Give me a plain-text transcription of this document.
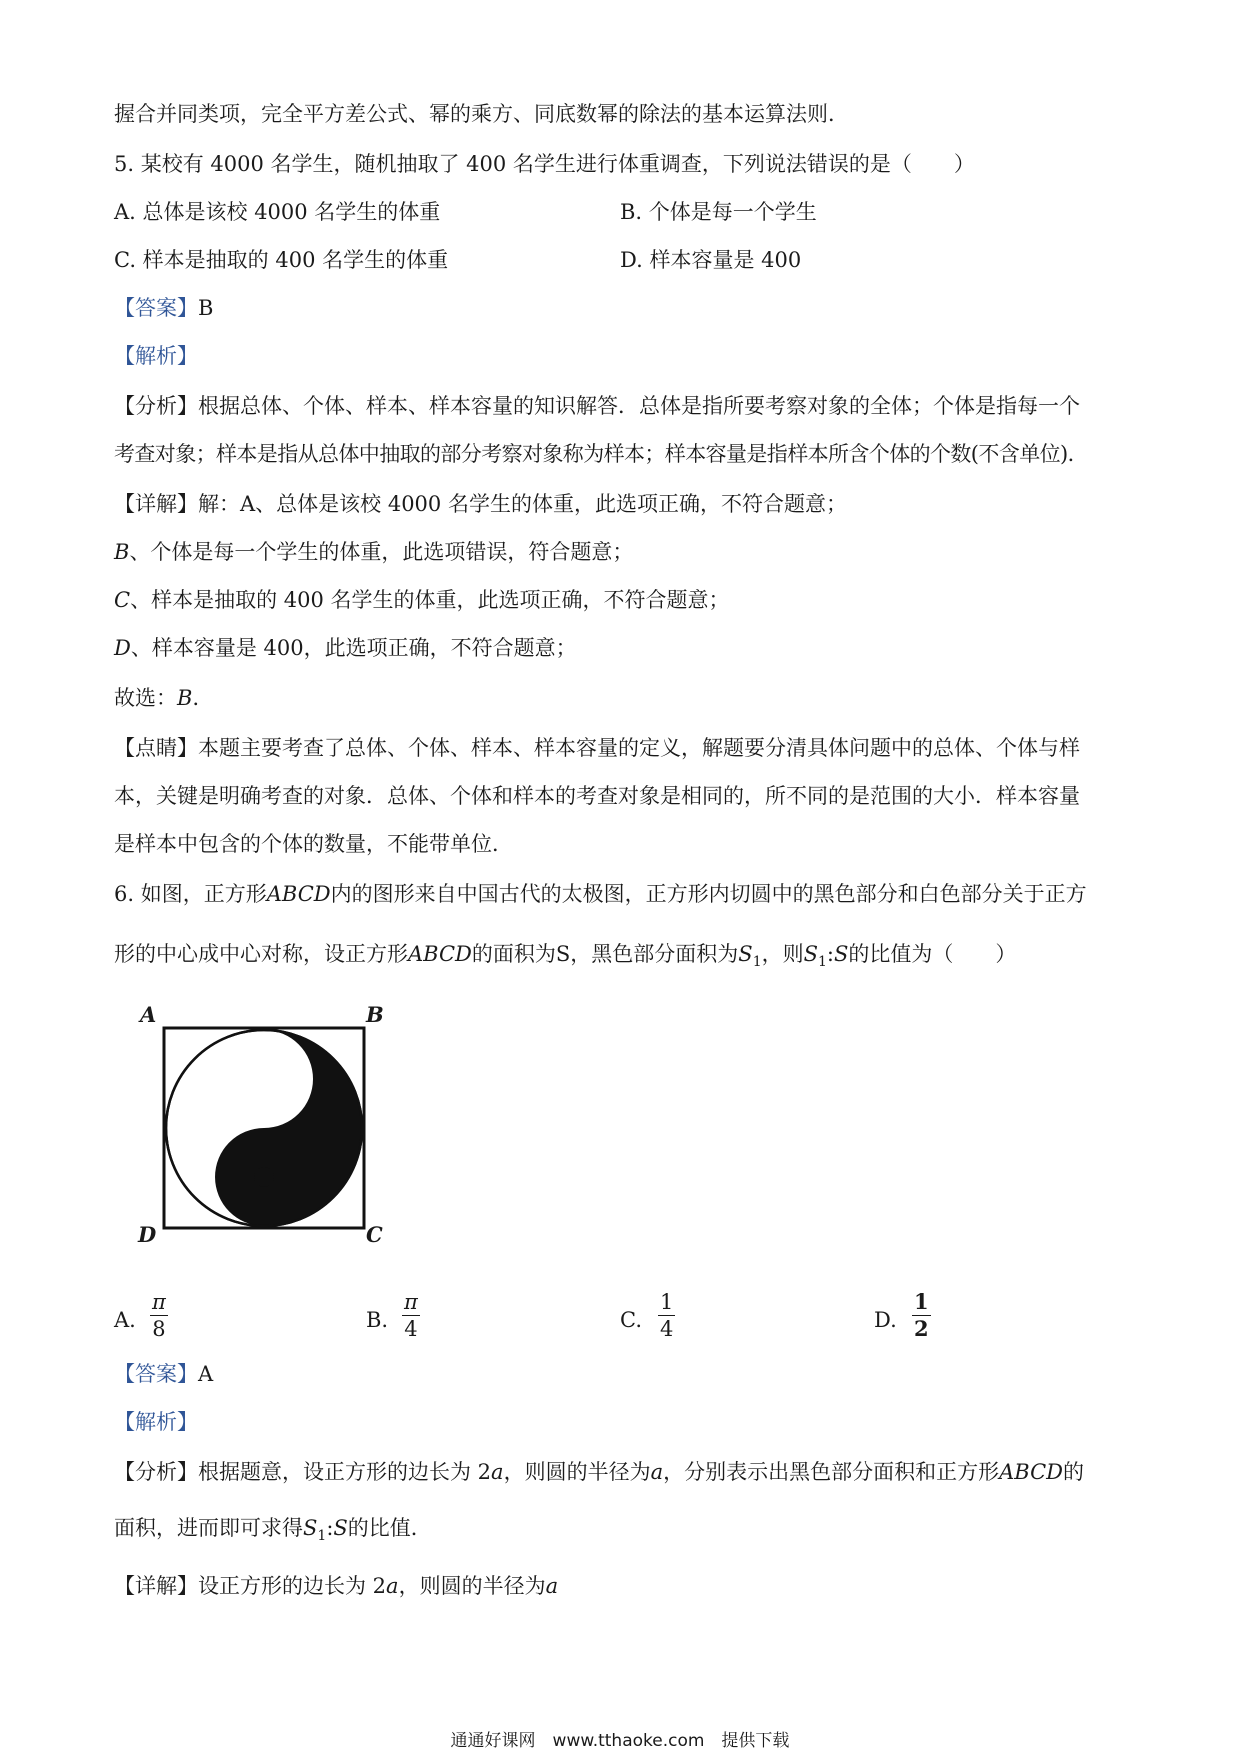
握合并同类项，完全平方差公式、幂的乘方、同底数幂的除法的基本运算法则．
5. 某校有 4000 名学生，随机抽取了 400 名学生进行体重调查，下列说法错误的是（　　）
A. 总体是该校 4000 名学生的体重	B. 个体是每一个学生
C. 样本是抽取的 400 名学生的体重	D. 样本容量是 400
【答案】B
【解析】
【分析】根据总体、个体、样本、样本容量的知识解答．总体是指所要考察对象的全体；个体是指每一个
考查对象；样本是指从总体中抽取的部分考察对象称为样本；样本容量是指样本所含个体的个数(不含单位)．
【详解】解：A、总体是该校 4000 名学生的体重，此选项正确，不符合题意；
B、个体是每一个学生的体重，此选项错误，符合题意；
C、样本是抽取的 400 名学生的体重，此选项正确，不符合题意；
D、样本容量是 400，此选项正确，不符合题意；
故选：B．
【点睛】本题主要考查了总体、个体、样本、样本容量的定义，解题要分清具体问题中的总体、个体与样
本，关键是明确考查的对象．总体、个体和样本的考查对象是相同的，所不同的是范围的大小．样本容量
是样本中包含的个体的数量，不能带单位．
6. 如图，正方形ABCD内的图形来自中国古代的太极图，正方形内切圆中的黑色部分和白色部分关于正方
形的中心成中心对称，设正方形ABCD的面积为S，黑色部分面积为$S_1$，则$S_1:S$的比值为（　　）
A	B
D	C
A. $\frac{\pi}{8}$	B. $\frac{\pi}{4}$	C. $\frac{1}{4}$	D. $\frac{1}{2}$
【答案】A
【解析】
【分析】根据题意，设正方形的边长为 2a，则圆的半径为a，分别表示出黑色部分面积和正方形ABCD的
面积，进而即可求得$S_1:S$的比值．
【详解】设正方形的边长为 2a，则圆的半径为a
通通好课网　www.tthaoke.com　提供下载
